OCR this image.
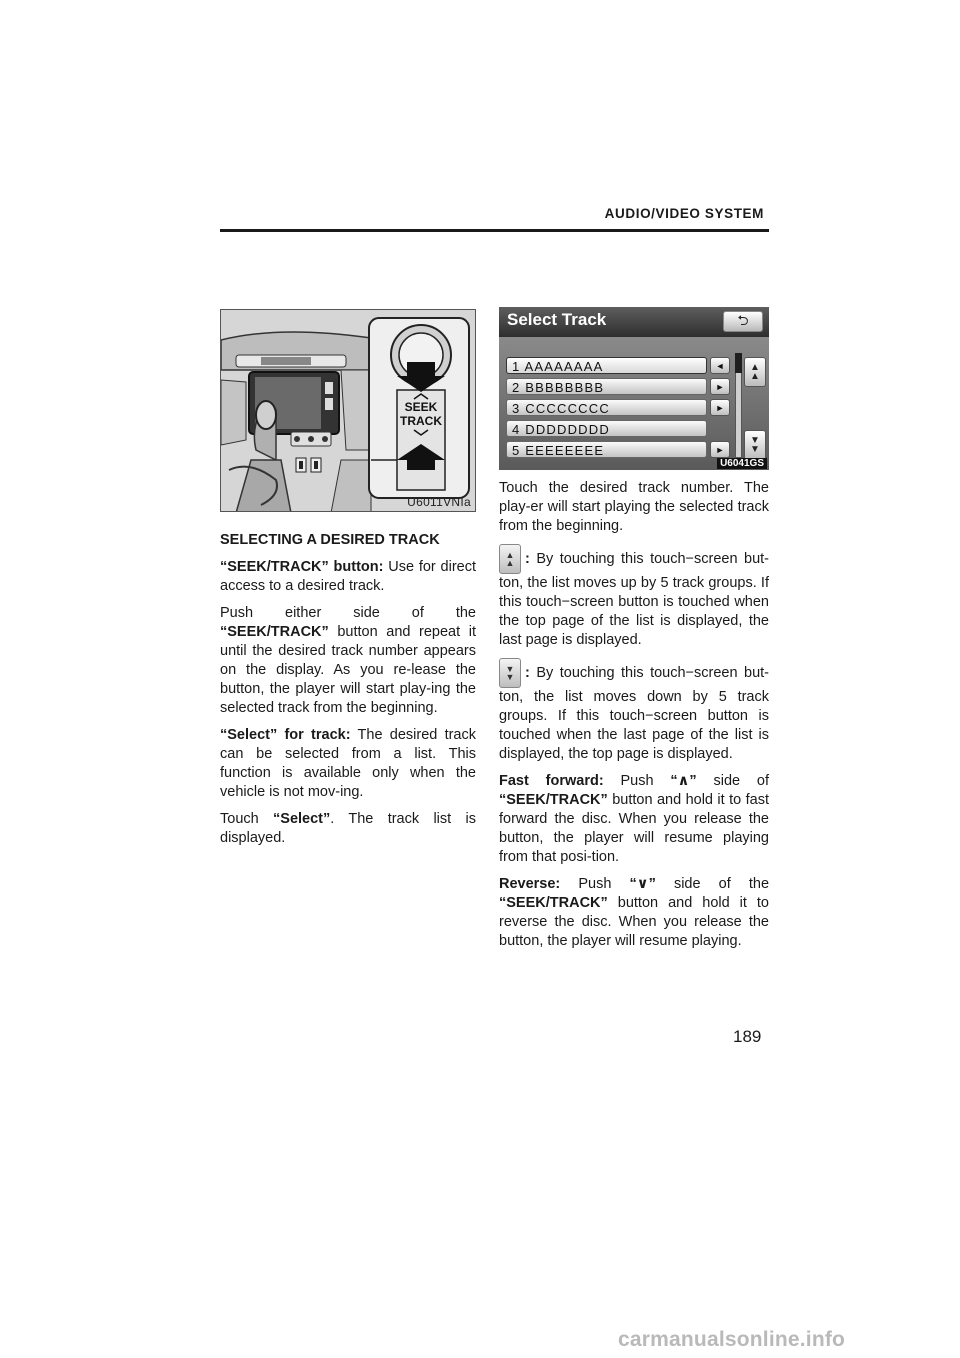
AUDIO/VIDEO SYSTEM
SEEK
TRACK
U6011VNIa
Select Track	⮌
1 AAAAAAAA	◄
2 BBBBBBBB	►
3 CCCCCCCC	►
4 DDDDDDDD
5 EEEEEEEE	►
▲
▲
▼
▼
U6041GS

SELECTING A DESIRED TRACK

“SEEK/TRACK” button: Use for direct access to a desired track.

Push either side of the “SEEK/TRACK” button and repeat it until the desired track number appears on the display. As you re-lease the button, the player will start play-ing the selected track from the beginning.

“Select” for track: The desired track can be selected from a list. This function is available only when the vehicle is not mov-ing.

Touch “Select”. The track list is displayed.

Touch the desired track number. The play-er will start playing the selected track from the beginning.

▲
▲ : By touching this touch−screen but-ton, the list moves up by 5 track groups. If this touch−screen button is touched when the top page of the list is displayed, the last page is displayed.

▼
▼ : By touching this touch−screen but-ton, the list moves down by 5 track groups. If this touch−screen button is touched when the last page of the list is displayed, the top page is displayed.

Fast forward: Push “∧” side of “SEEK/TRACK” button and hold it to fast forward the disc. When you release the button, the player will resume playing from that posi-tion.

Reverse: Push “∨” side of the “SEEK/TRACK” button and hold it to reverse the disc. When you release the button, the player will resume playing.

189
carmanualsonline.info
